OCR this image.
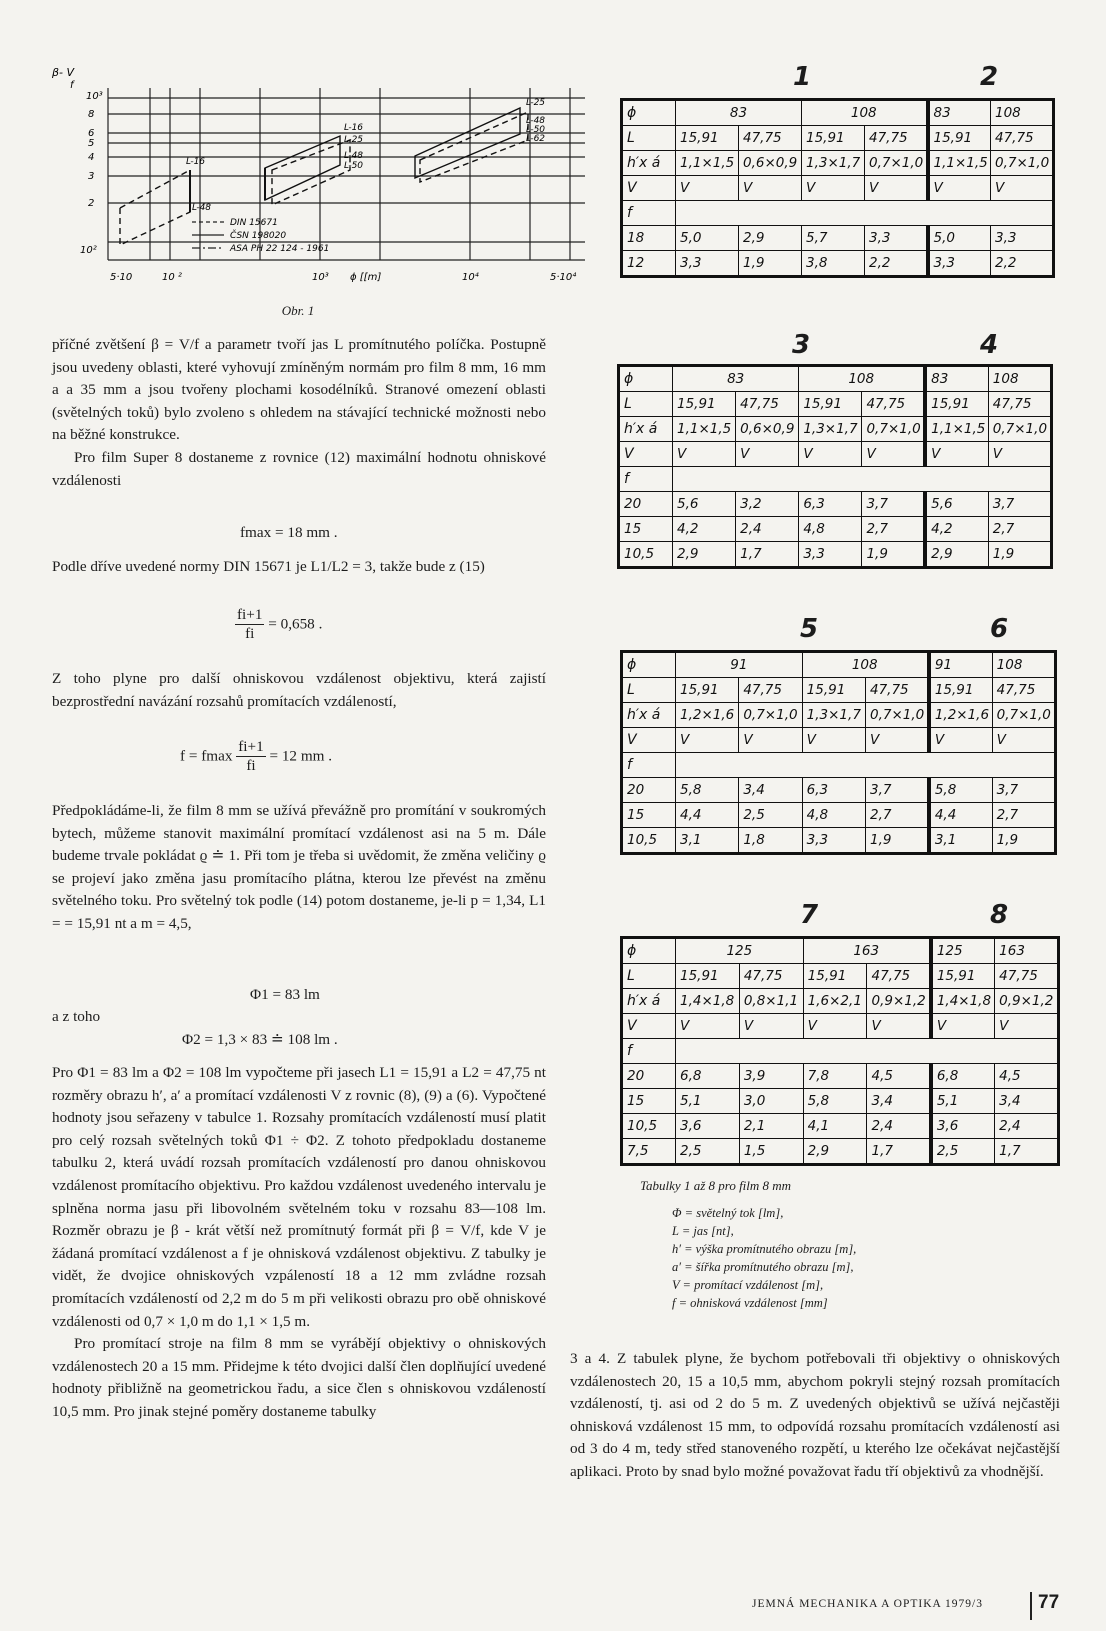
β- V
f
10³
8
6
5
4
3
2
10²
5·10	10 ²	10³ ϕ [[m]	10⁴	5·10⁴
L-16
L-48
L-16
L-25
L-48
L-50
L-25
L-48
L-50
L-62
DIN 15671
ČSN 198020
ASA PH 22 124 - 1961
Obr. 1

příčné zvětšení β = V/f a parametr tvoří jas L promítnutého políčka. Postupně jsou uvedeny oblasti, které vyhovují zmíněným normám pro film 8 mm, 16 mm a a 35 mm a jsou tvořeny plochami kosodélníků. Stranové omezení oblasti (světelných toků) bylo zvoleno s ohledem na stávající technické možnosti nebo na běžné konstrukce.

Pro film Super 8 dostaneme z rovnice (12) maximální hodnotu ohniskové vzdálenosti

fmax = 18 mm .

Podle dříve uvedené normy DIN 15671 je L1/L2 = 3, takže bude z (15)

$\frac{fi+1}{fi} = 0,658$ .

Z toho plyne pro další ohniskovou vzdálenost objektivu, která zajistí bezprostřední navázání rozsahů promítacích vzdáleností,

f = fmax $\frac{fi+1}{fi} = 12$ mm .

Předpokládáme-li, že film 8 mm se užívá převážně pro promítání v soukromých bytech, můžeme stanovit maximální promítací vzdálenost asi na 5 m. Dále budeme trvale pokládat ϱ ≐ 1. Při tom je třeba si uvědomit, že změna veličiny ϱ se projeví jako změna jasu promítacího plátna, kterou lze převést na změnu světelného toku. Pro světelný tok podle (14) potom dostaneme, je-li p = 1,34, L1 = = 15,91 nt a m = 4,5,

Φ1 = 83 lm
a z toho
Φ2 = 1,3 × 83 ≐ 108 lm .

Pro Φ1 = 83 lm a Φ2 = 108 lm vypočteme při jasech L1 = 15,91 a L2 = 47,75 nt rozměry obrazu h′, a′ a promítací vzdálenosti V z rovnic (8), (9) a (6). Vypočtené hodnoty jsou seřazeny v tabulce 1. Rozsahy promítacích vzdáleností musí platit pro celý rozsah světelných toků Φ1 ÷ Φ2. Z tohoto předpokladu dostaneme tabulku 2, která uvádí rozsah promítacích vzdáleností pro danou ohniskovou vzdálenost promítacího objektivu. Pro každou vzdálenost uvedeného intervalu je splněna norma jasu při libovolném světelném toku v rozsahu 83—108 lm. Rozměr obrazu je β - krát větší než promítnutý formát při β = V/f, kde V je žádaná promítací vzdálenost a f je ohnisková vzdálenost objektivu. Z tabulky je vidět, že dvojice ohniskových vzpáleností 18 a 12 mm zvládne rozsah promítacích vzdáleností od 2,2 m do 5 m při velikosti obrazu pro obě ohniskové vzdálenosti od 0,7 × 1,0 m do 1,1 × 1,5 m.

Pro promítací stroje na film 8 mm se vyrábějí objektivy o ohniskových vzdálenostech 20 a 15 mm. Přidejme k této dvojici další člen doplňující uvedené hodnoty přibližně na geometrickou řadu, a sice člen s ohniskovou vzdáleností 10,5 mm. Pro jinak stejné poměry dostaneme tabulky

1	2
ϕ	83		108		83	108
L	15,91	47,75	15,91	47,75	15,91	47,75
h′x á	1,1×1,5	0,6×0,9	1,3×1,7	0,7×1,0	1,1×1,5	0,7×1,0
V	V	V	V	V	V	V
f						
18	5,0	2,9	5,7	3,3	5,0	3,3
12	3,3	1,9	3,8	2,2	3,3	2,2
3	4
ϕ	83		108		83	108
L	15,91	47,75	15,91	47,75	15,91	47,75
h′x á	1,1×1,5	0,6×0,9	1,3×1,7	0,7×1,0	1,1×1,5	0,7×1,0
V	V	V	V	V	V	V
f						
20	5,6	3,2	6,3	3,7	5,6	3,7
15	4,2	2,4	4,8	2,7	4,2	2,7
10,5	2,9	1,7	3,3	1,9	2,9	1,9
5	6
ϕ	91		108		91	108
L	15,91	47,75	15,91	47,75	15,91	47,75
h′x á	1,2×1,6	0,7×1,0	1,3×1,7	0,7×1,0	1,2×1,6	0,7×1,0
V	V	V	V	V	V	V
f						
20	5,8	3,4	6,3	3,7	5,8	3,7
15	4,4	2,5	4,8	2,7	4,4	2,7
10,5	3,1	1,8	3,3	1,9	3,1	1,9
7	8
ϕ	125		163		125	163
L	15,91	47,75	15,91	47,75	15,91	47,75
h′x á	1,4×1,8	0,8×1,1	1,6×2,1	0,9×1,2	1,4×1,8	0,9×1,2
V	V	V	V	V	V	V
f						
20	6,8	3,9	7,8	4,5	6,8	4,5
15	5,1	3,0	5,8	3,4	5,1	3,4
10,5	3,6	2,1	4,1	2,4	3,6	2,4
7,5	2,5	1,5	2,9	1,7	2,5	1,7
Tabulky 1 až 8 pro film 8 mm
Φ = světelný tok [lm],
L = jas [nt],
h′ = výška promítnutého obrazu [m],
a′ = šířka promítnutého obrazu [m],
V = promítací vzdálenost [m],
f = ohnisková vzdálenost [mm]

3 a 4. Z tabulek plyne, že bychom potřebovali tři objektivy o ohniskových vzdálenostech 20, 15 a 10,5 mm, abychom pokryli stejný rozsah promítacích vzdáleností, tj. asi od 2 do 5 m. Z uvedených objektivů se užívá nejčastěji ohnisková vzdálenost 15 mm, to odpovídá rozsahu promítacích vzdáleností asi od 3 do 4 m, tedy střed stanoveného rozpětí, u kterého lze očekávat nejčastější aplikaci. Proto by snad bylo možné považovat řadu tří objektivů za vhodnější.

JEMNÁ MECHANIKA A OPTIKA 1979/3	77
